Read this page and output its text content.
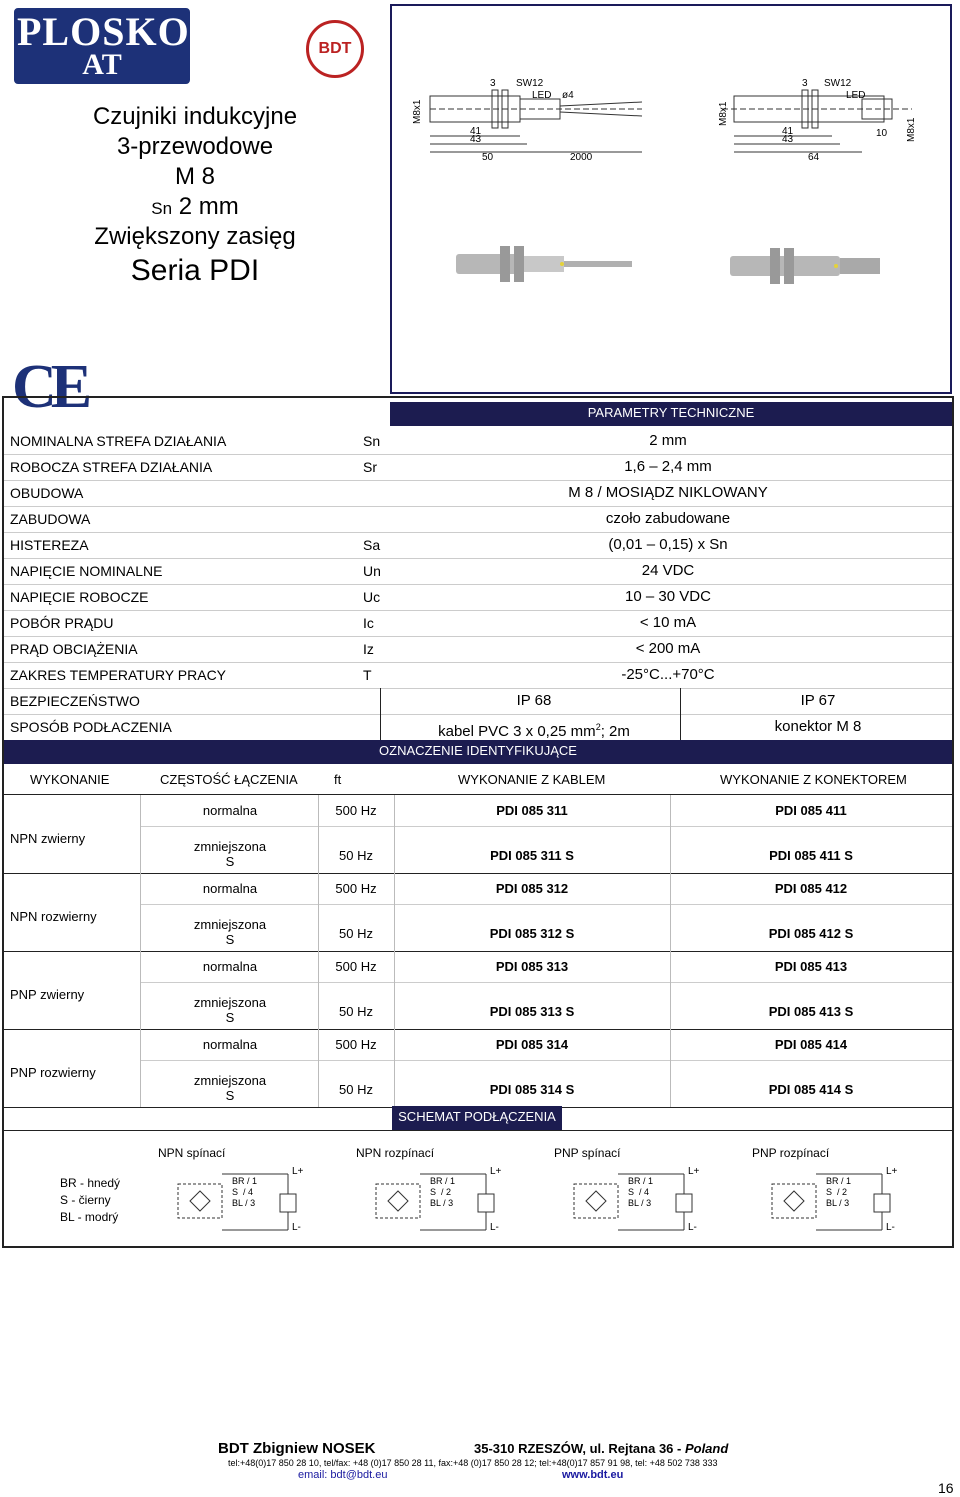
PLOSKON
AT	BDT
Czujniki indukcyjne
3-przewodowe
M 8
Sn 2 mm
Zwiększony zasięg
Seria PDI
CE
3 SW12
LED ø4
M8x1
41
43
50	2000
3 SW12
LED
M8x1
41
43
64
10 M8x1
PARAMETRY TECHNICZNE
NOMINALNA STREFA DZIAŁANIA	Sn	2 mm
ROBOCZA STREFA DZIAŁANIA	Sr	1,6 – 2,4 mm
OBUDOWA	M 8 / MOSIĄDZ NIKLOWANY
ZABUDOWA	czoło zabudowane
HISTEREZA	Sa	(0,01 – 0,15) x Sn
NAPIĘCIE NOMINALNE	Un	24 VDC
NAPIĘCIE ROBOCZE	Uc	10 – 30 VDC
POBÓR PRĄDU	Ic	< 10 mA
PRĄD OBCIĄŻENIA	Iz	< 200 mA
ZAKRES TEMPERATURY PRACY	T	-25°C...+70°C
BEZPIECZEŃSTWO	IP 68	IP 67
SPOSÓB PODŁACZENIA	kabel PVC 3 x 0,25 $mm^2$; 2m	konektor M 8
OZNACZENIE IDENTYFIKUJĄCE
WYKONANIE	CZĘSTOŚĆ ŁĄCZENIA	ft	WYKONANIE Z KABLEM	WYKONANIE Z KONEKTOREM
NPN zwierny
normalna	500 Hz	PDI 085 311	PDI 085 411
zmniejszona
S	50 Hz	PDI 085 311 S	PDI 085 411 S
NPN rozwierny
normalna	500 Hz	PDI 085 312	PDI 085 412
zmniejszona
S	50 Hz	PDI 085 312 S	PDI 085 412 S
PNP zwierny
normalna	500 Hz	PDI 085 313	PDI 085 413
zmniejszona
S	50 Hz	PDI 085 313 S	PDI 085 413 S
PNP rozwierny
normalna	500 Hz	PDI 085 314	PDI 085 414
zmniejszona
S	50 Hz	PDI 085 314 S	PDI 085 414 S
SCHEMAT PODŁĄCZENIA
BR - hnedý
S - čierny
BL - modrý
NPN spínací
BR / 1
S  / 4
BL / 3
L+
L-
NPN rozpínací
BR / 1
S  / 2
BL / 3
L+
L-
PNP spínací
BR / 1
S  / 4
BL / 3
L+
L-
PNP rozpínací
BR / 1
S  / 2
BL / 3
L+
L-
BDT Zbigniew NOSEK	35-310 RZESZÓW, ul. Rejtana 36 - Poland
tel:+48(0)17 850 28 10, tel/fax: +48 (0)17 850 28 11, fax:+48 (0)17 850 28 12; tel:+48(0)17 857 91 98, tel: +48 502 738 333
email: bdt@bdt.eu	www.bdt.eu
16
